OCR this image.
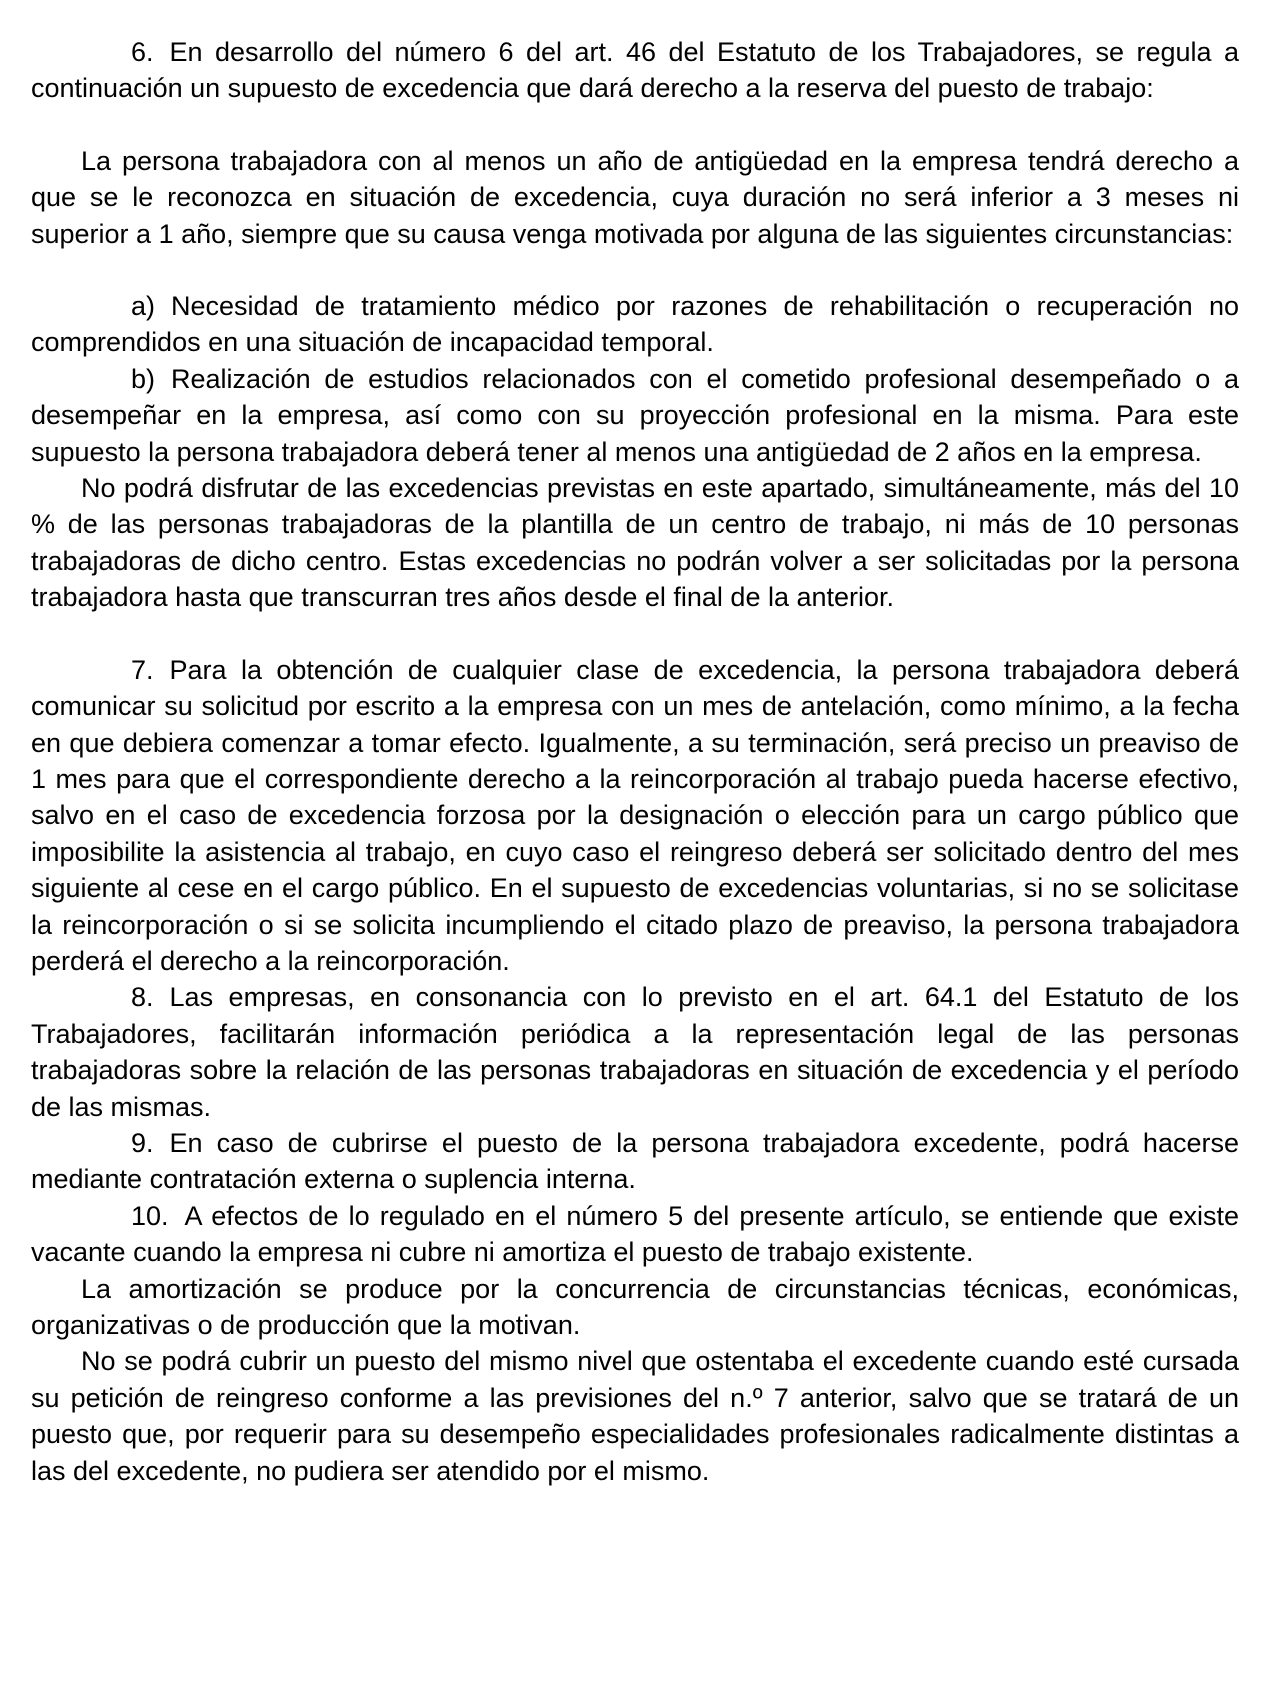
6. En desarrollo del número 6 del art. 46 del Estatuto de los Trabajadores, se regula a continuación un supuesto de excedencia que dará derecho a la reserva del puesto de trabajo:

La persona trabajadora con al menos un año de antigüedad en la empresa tendrá derecho a que se le reconozca en situación de excedencia, cuya duración no será inferior a 3 meses ni superior a 1 año, siempre que su causa venga motivada por alguna de las siguientes circunstancias:

a) Necesidad de tratamiento médico por razones de rehabilitación o recuperación no comprendidos en una situación de incapacidad temporal.

b) Realización de estudios relacionados con el cometido profesional desempeñado o a desempeñar en la empresa, así como con su proyección profesional en la misma. Para este supuesto la persona trabajadora deberá tener al menos una antigüedad de 2 años en la empresa.

No podrá disfrutar de las excedencias previstas en este apartado, simultáneamente, más del 10 % de las personas trabajadoras de la plantilla de un centro de trabajo, ni más de 10 personas trabajadoras de dicho centro. Estas excedencias no podrán volver a ser solicitadas por la persona trabajadora hasta que transcurran tres años desde el final de la anterior.

7. Para la obtención de cualquier clase de excedencia, la persona trabajadora deberá comunicar su solicitud por escrito a la empresa con un mes de antelación, como mínimo, a la fecha en que debiera comenzar a tomar efecto. Igualmente, a su terminación, será preciso un preaviso de 1 mes para que el correspondiente derecho a la reincorporación al trabajo pueda hacerse efectivo, salvo en el caso de excedencia forzosa por la designación o elección para un cargo público que imposibilite la asistencia al trabajo, en cuyo caso el reingreso deberá ser solicitado dentro del mes siguiente al cese en el cargo público. En el supuesto de excedencias voluntarias, si no se solicitase la reincorporación o si se solicita incumpliendo el citado plazo de preaviso, la persona trabajadora perderá el derecho a la reincorporación.

8. Las empresas, en consonancia con lo previsto en el art. 64.1 del Estatuto de los Trabajadores, facilitarán información periódica a la representación legal de las personas trabajadoras sobre la relación de las personas trabajadoras en situación de excedencia y el período de las mismas.

9. En caso de cubrirse el puesto de la persona trabajadora excedente, podrá hacerse mediante contratación externa o suplencia interna.

10. A efectos de lo regulado en el número 5 del presente artículo, se entiende que existe vacante cuando la empresa ni cubre ni amortiza el puesto de trabajo existente.

La amortización se produce por la concurrencia de circunstancias técnicas, económicas, organizativas o de producción que la motivan.

No se podrá cubrir un puesto del mismo nivel que ostentaba el excedente cuando esté cursada su petición de reingreso conforme a las previsiones del n.º 7 anterior, salvo que se tratará de un puesto que, por requerir para su desempeño especialidades profesionales radicalmente distintas a las del excedente, no pudiera ser atendido por el mismo.
